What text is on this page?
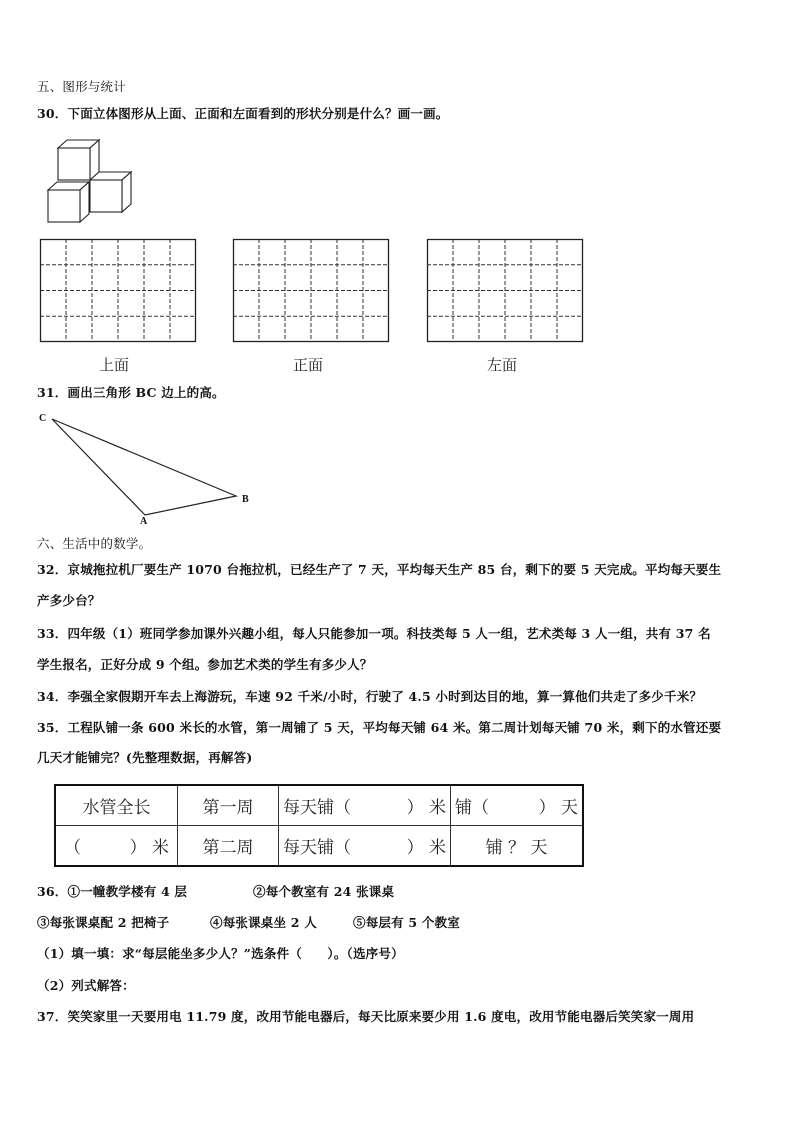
五、图形与统计
30．下面立体图形从上面、正面和左面看到的形状分别是什么？画一画。
上面	正面	左面
31．画出三角形 BC 边上的高。
C
B
A
六、生活中的数学。
32．京城拖拉机厂要生产 1070 台拖拉机，已经生产了 7 天，平均每天生产 85 台，剩下的要 5 天完成。平均每天要生
产多少台？
33．四年级（1）班同学参加课外兴趣小组，每人只能参加一项。科技类每 5 人一组，艺术类每 3 人一组，共有 37 名
学生报名，正好分成 9 个组。参加艺术类的学生有多少人？
34．李强全家假期开车去上海游玩，车速 92 千米/小时，行驶了 4.5 小时到达目的地，算一算他们共走了多少千米？
35．工程队铺一条 600 米长的水管，第一周铺了 5 天，平均每天铺 64 米。第二周计划每天铺 70 米，剩下的水管还要
几天才能铺完？(先整理数据，再解答)
水管全长	第一周	每天铺（ ） 米	铺（ ） 天

（ ） 米	第二周	每天铺（ ） 米	铺 ？ 天
36．①一幢教学楼有 4 层	②每个教室有 24 张课桌
③每张课桌配 2 把椅子	④每张课桌坐 2 人	⑤每层有 5 个教室
（1）填一填：求“每层能坐多少人？”选条件（　　）。（选序号）
（2）列式解答：
37．笑笑家里一天要用电 11.79 度，改用节能电器后，每天比原来要少用 1.6 度电，改用节能电器后笑笑家一周用
